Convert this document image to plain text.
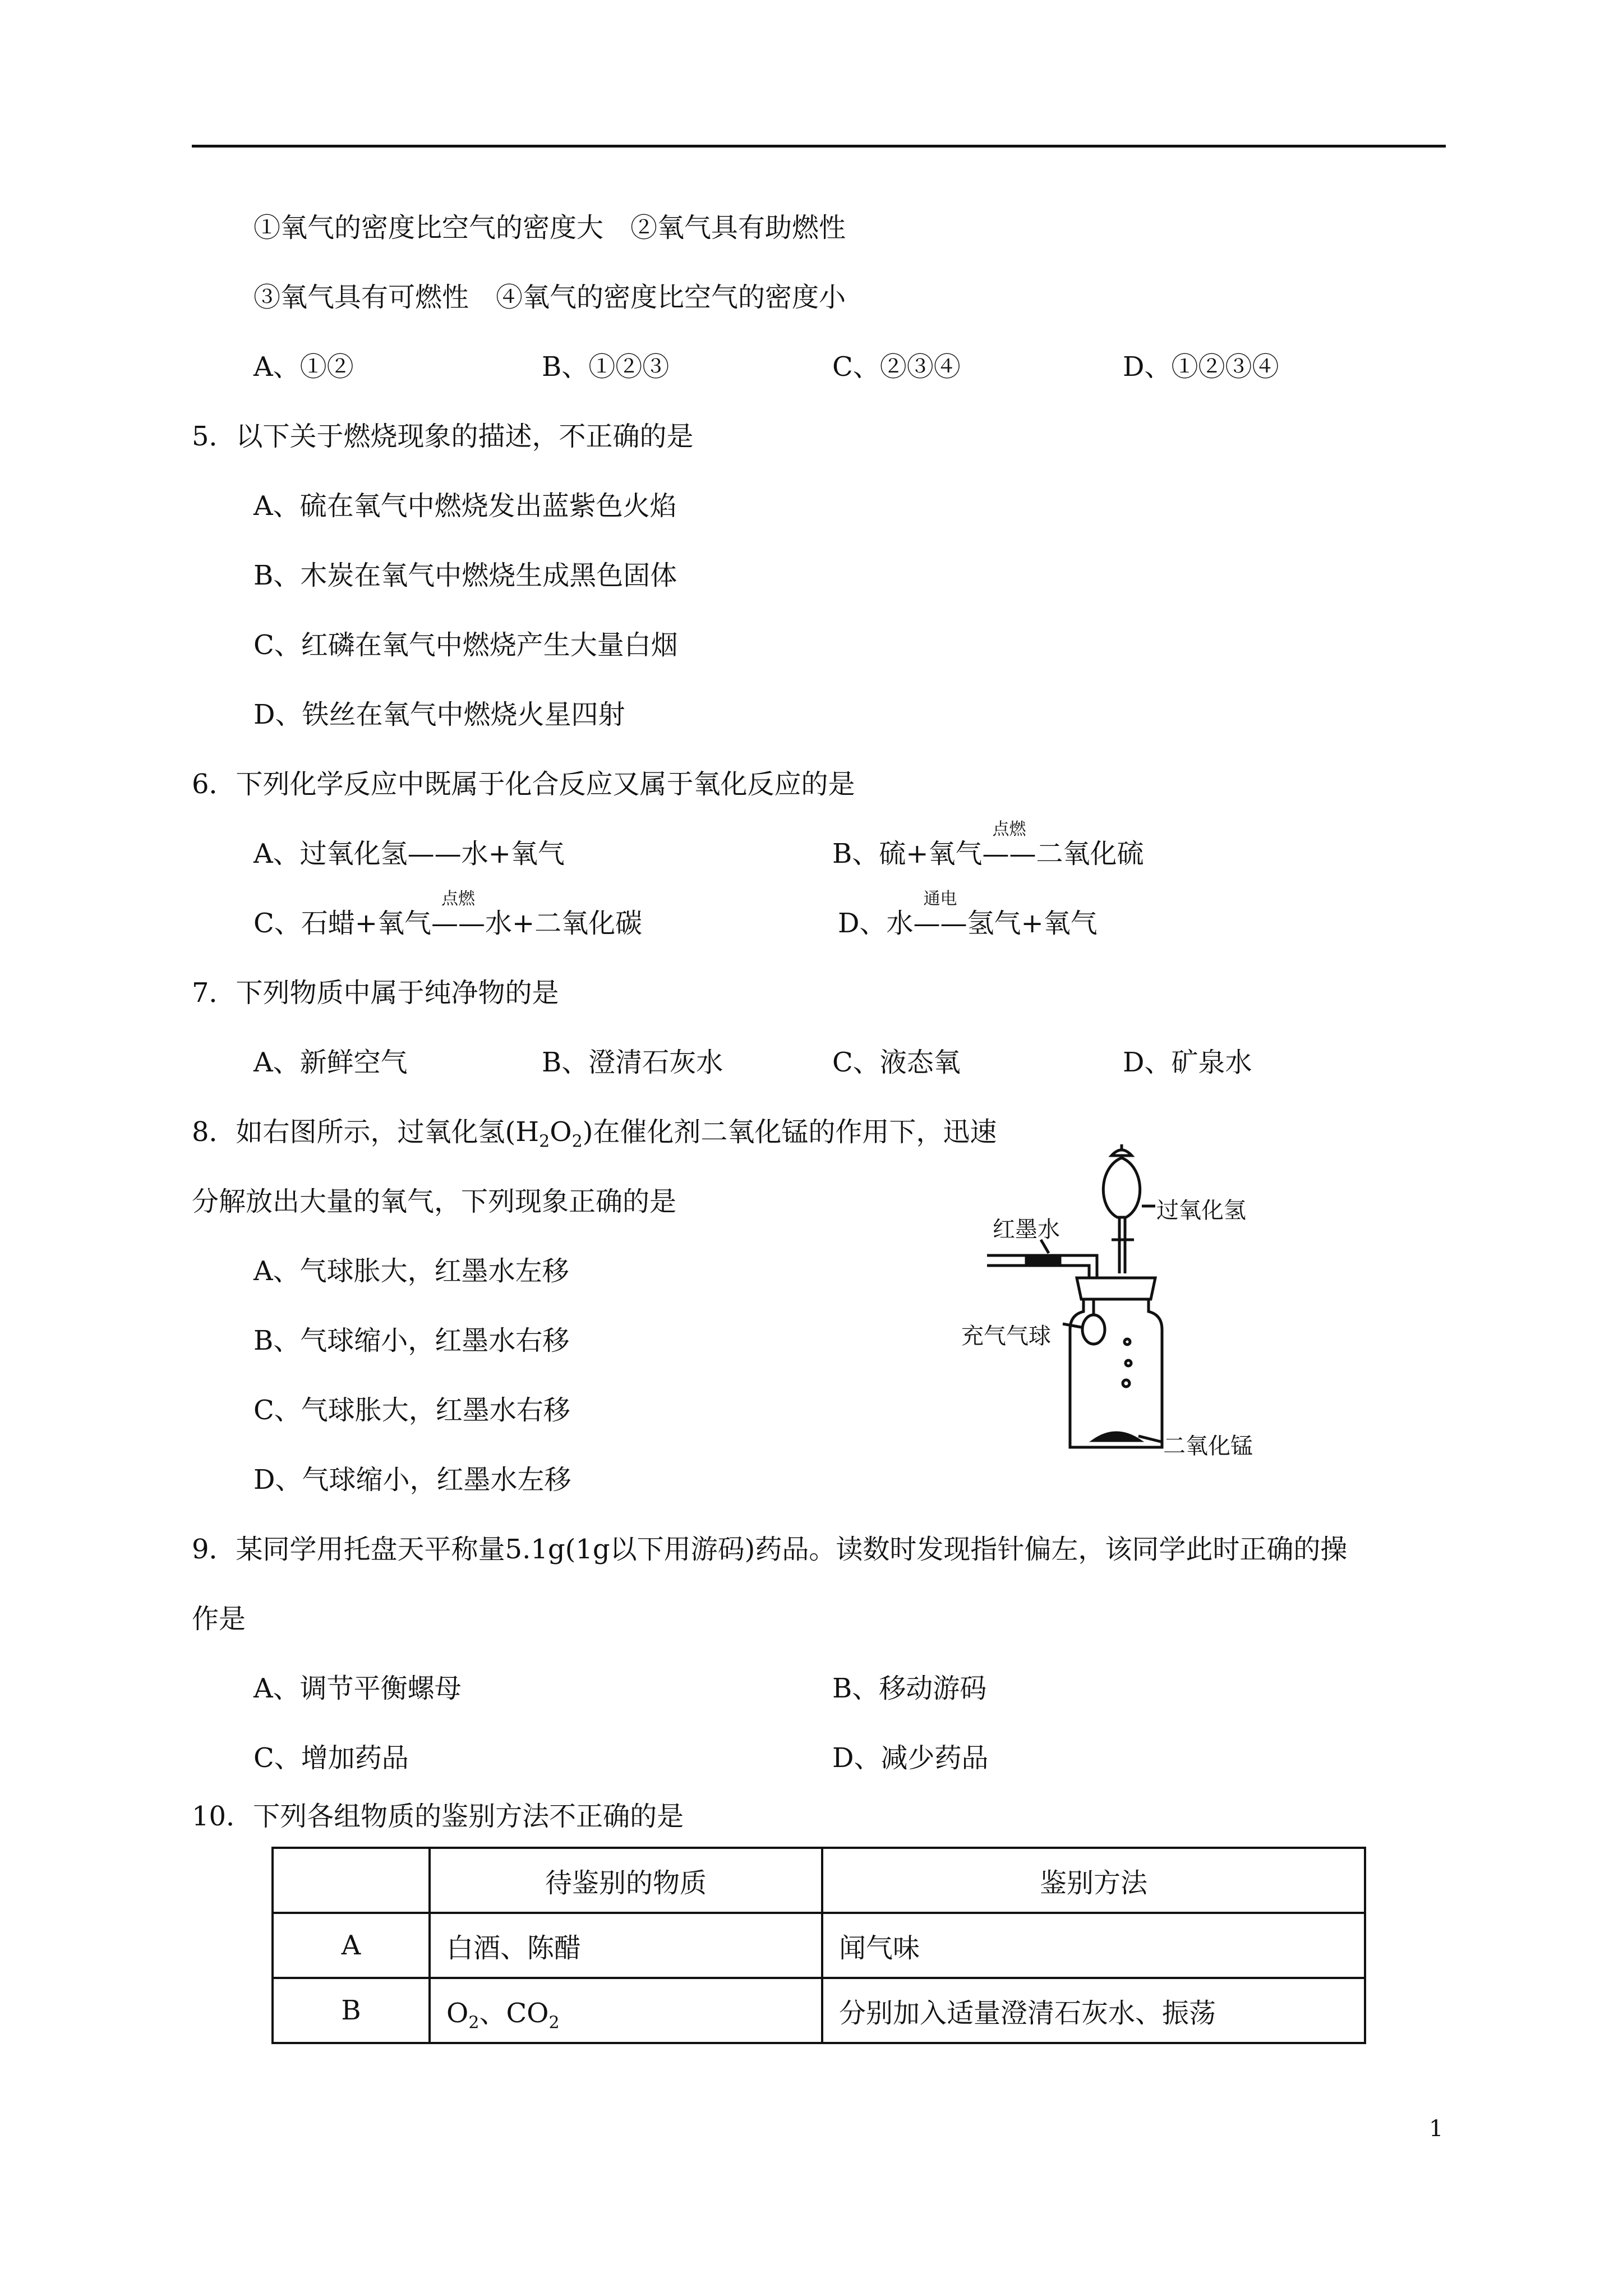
①氧气的密度比空气的密度大　②氧气具有助燃性
③氧气具有可燃性　④氧气的密度比空气的密度小
A、①②	B、①②③	C、②③④	D、①②③④
5．以下关于燃烧现象的描述，不正确的是
A、硫在氧气中燃烧发出蓝紫色火焰
B、木炭在氧气中燃烧生成黑色固体
C、红磷在氧气中燃烧产生大量白烟
D、铁丝在氧气中燃烧火星四射
6．下列化学反应中既属于化合反应又属于氧化反应的是
A、过氧化氢——水+氧气	B、硫+氧气
点燃
——二氧化硫
C、石蜡+氧气
点燃
——水+二氧化碳	D、水
通电
——氢气+氧气
7．下列物质中属于纯净物的是
A、新鲜空气	B、澄清石灰水	C、液态氧	D、矿泉水
8．如右图所示，过氧化氢$(H_2O_2)$在催化剂二氧化锰的作用下，迅速
分解放出大量的氧气，下列现象正确的是
A、气球胀大，红墨水左移
B、气球缩小，红墨水右移
C、气球胀大，红墨水右移
D、气球缩小，红墨水左移
红墨水
过氧化氢
充气气球
二氧化锰
9．某同学用托盘天平称量5.1g(1g以下用游码)药品。读数时发现指针偏左，该同学此时正确的操
作是
A、调节平衡螺母	B、移动游码
C、增加药品	D、减少药品
10．下列各组物质的鉴别方法不正确的是
	待鉴别的物质	鉴别方法
A	白酒、陈醋	闻气味
B	$O_2$、$CO_2$	分别加入适量澄清石灰水、振荡
1
